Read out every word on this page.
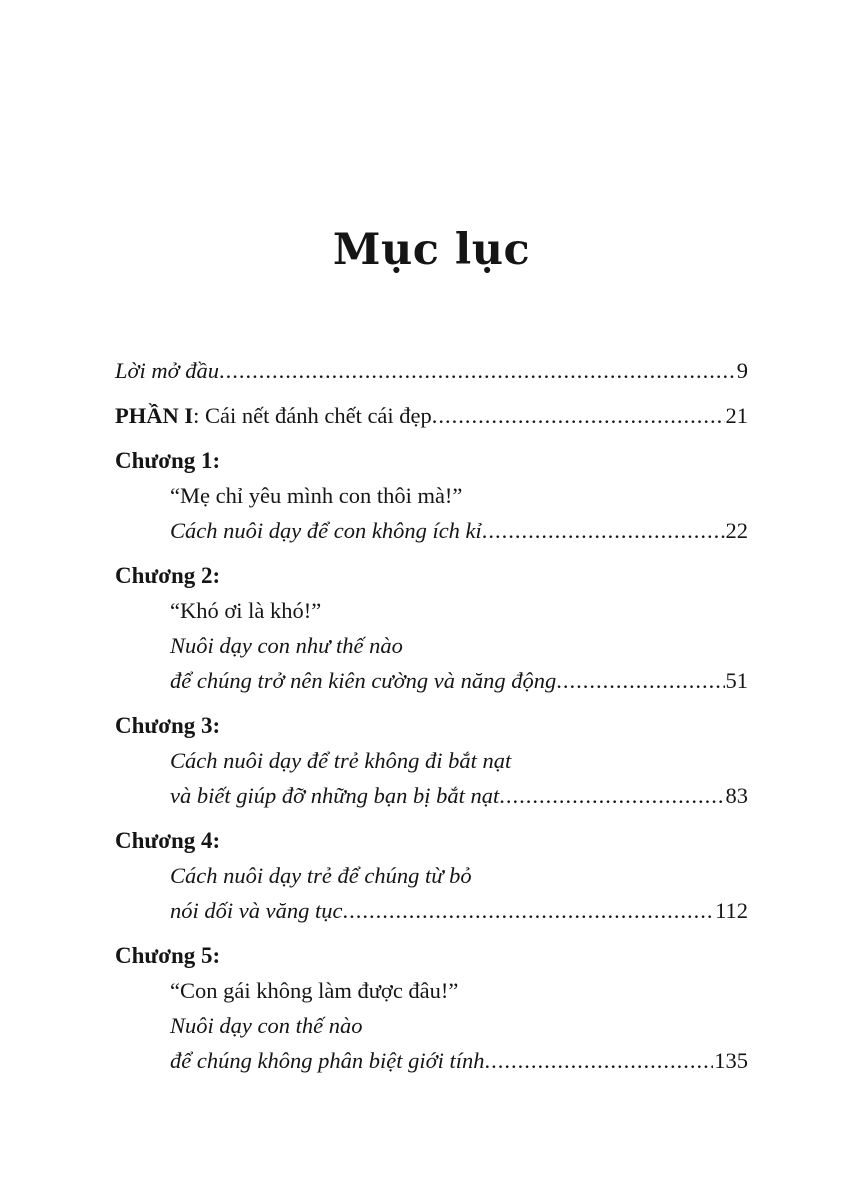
Mục lục
Lời mở đầu .....	9
PHẦN I: Cái nết đánh chết cái đẹp .....	21
Chương 1:
“Mẹ chỉ yêu mình con thôi mà!”
Cách nuôi dạy để con không ích kỉ .....	22
Chương 2:
“Khó ơi là khó!”
Nuôi dạy con như thế nào
để chúng trở nên kiên cường và năng động .....	51
Chương 3:
Cách nuôi dạy để trẻ không đi bắt nạt
và biết giúp đỡ những bạn bị bắt nạt .....	83
Chương 4:
Cách nuôi dạy trẻ để chúng từ bỏ
nói dối và văng tục .....	112
Chương 5:
“Con gái không làm được đâu!”
Nuôi dạy con thế nào
để chúng không phân biệt giới tính .....	135
